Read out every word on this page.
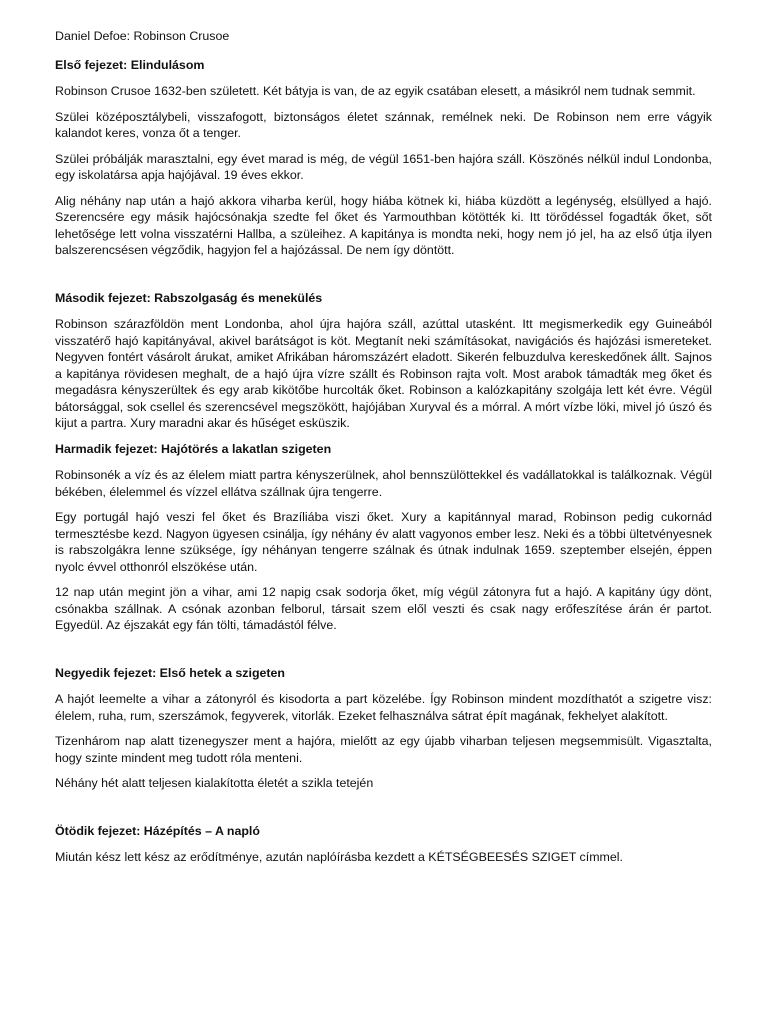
Daniel Defoe: Robinson Crusoe

Első fejezet: Elindulásom

Robinson Crusoe 1632-ben született. Két bátyja is van, de az egyik csatában elesett, a másikról nem tudnak semmit.

Szülei középosztálybeli, visszafogott, biztonságos életet szánnak, remélnek neki. De Robinson nem erre vágyik kalandot keres, vonza őt a tenger.

Szülei próbálják marasztalni, egy évet marad is még, de végül 1651-ben hajóra száll. Köszönés nélkül indul Londonba, egy iskolatársa apja hajójával. 19 éves ekkor.

Alig néhány nap után a hajó akkora viharba kerül, hogy hiába kötnek ki, hiába küzdött a legénység, elsüllyed a hajó. Szerencsére egy másik hajócsónakja szedte fel őket és Yarmouthban kötötték ki. Itt törődéssel fogadták őket, sőt lehetősége lett volna visszatérni Hallba, a szüleihez. A kapitánya is mondta neki, hogy nem jó jel, ha az első útja ilyen balszerencsésen végződik, hagyjon fel a hajózással. De nem így döntött.

Második fejezet: Rabszolgaság és menekülés

Robinson szárazföldön ment Londonba, ahol újra hajóra száll, azúttal utasként. Itt megismerkedik egy Guineából visszatérő hajó kapitányával, akivel barátságot is köt. Megtanít neki számításokat, navigációs és hajózási ismereteket. Negyven fontért vásárolt árukat, amiket Afrikában háromszázért eladott. Sikerén felbuzdulva kereskedőnek állt. Sajnos a kapitánya rövidesen meghalt, de a hajó újra vízre szállt és Robinson rajta volt. Most arabok támadták meg őket és megadásra kényszerültek és egy arab kikötőbe hurcolták őket. Robinson a kalózkapitány szolgája lett két évre. Végül bátorsággal, sok csellel és szerencsével megszökött, hajójában Xuryval és a mórral. A mórt vízbe löki, mivel jó úszó és kijut a partra. Xury maradni akar és hűséget esküszik.

Harmadik fejezet: Hajótörés a lakatlan szigeten

Robinsonék a víz és az élelem miatt partra kényszerülnek, ahol bennszülöttekkel és vadállatokkal is találkoznak. Végül békében, élelemmel és vízzel ellátva szállnak újra tengerre.

Egy portugál hajó veszi fel őket és Brazíliába viszi őket. Xury a kapitánnyal marad, Robinson pedig cukornád termesztésbe kezd. Nagyon ügyesen csinálja, így néhány év alatt vagyonos ember lesz. Neki és a többi ültetvényesnek is rabszolgákra lenne szüksége, így néhányan tengerre szálnak és útnak indulnak 1659. szeptember elsején, éppen nyolc évvel otthonról elszökése után.

12 nap után megint jön a vihar, ami 12 napig csak sodorja őket, míg végül zátonyra fut a hajó. A kapitány úgy dönt, csónakba szállnak. A csónak azonban felborul, társait szem elől veszti és csak nagy erőfeszítése árán ér partot. Egyedül. Az éjszakát egy fán tölti, támadástól félve.

Negyedik fejezet: Első hetek a szigeten

A hajót leemelte a vihar a zátonyról és kisodorta a part közelébe. Így Robinson mindent mozdíthatót a szigetre visz: élelem, ruha, rum, szerszámok, fegyverek, vitorlák. Ezeket felhasználva sátrat épít magának, fekhelyet alakított.

Tizenhárom nap alatt tizenegyszer ment a hajóra, mielőtt az egy újabb viharban teljesen megsemmisült. Vigasztalta, hogy szinte mindent meg tudott róla menteni.

Néhány hét alatt teljesen kialakította életét a szikla tetején

Ötödik fejezet: Házépítés – A napló

Miután kész lett kész az erődítménye, azután naplóírásba kezdett a KÉTSÉGBEESÉS SZIGET címmel.
